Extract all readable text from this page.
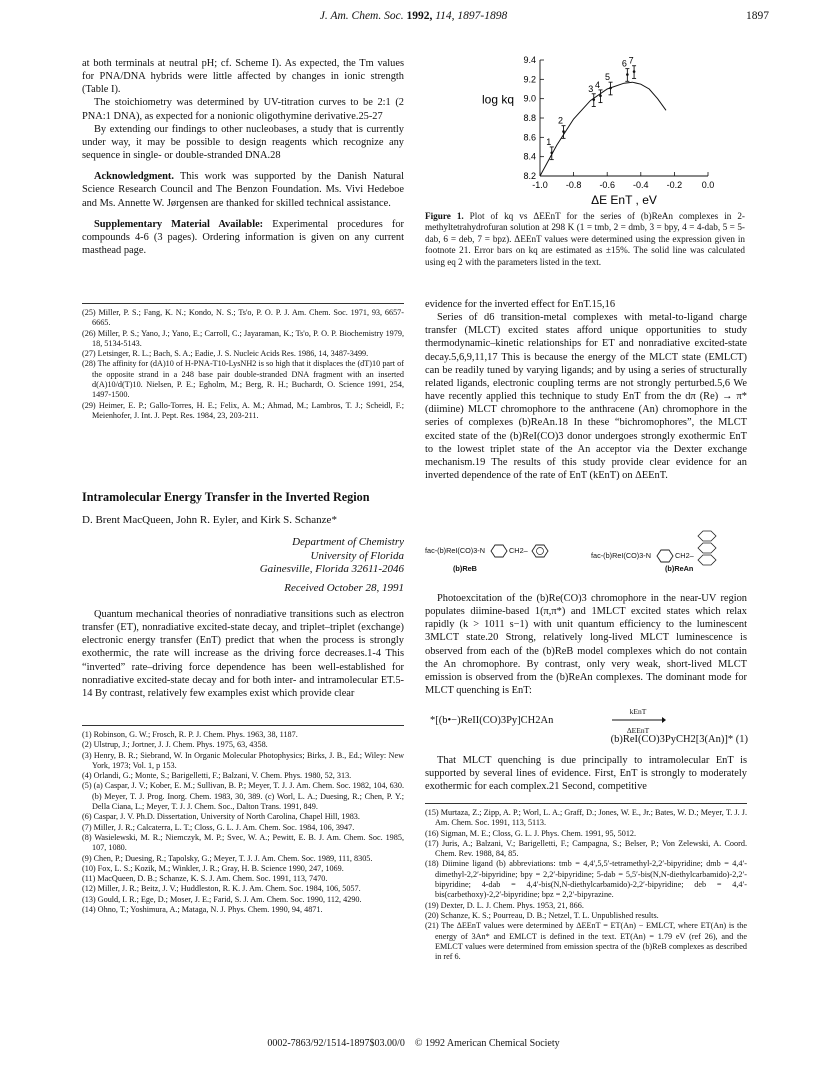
J. Am. Chem. Soc. 1992, 114, 1897-1898	1897

at both terminals at neutral pH; cf. Scheme I). As expected, the Tm values for PNA/DNA hybrids were little affected by changes in ionic strength (Table I).

The stoichiometry was determined by UV-titration curves to be 2:1 (2 PNA:1 DNA), as expected for a nonionic oligothymine derivative.25-27

By extending our findings to other nucleobases, a study that is currently under way, it may be possible to design reagents which recognize any sequence in single- or double-stranded DNA.28

Acknowledgment. This work was supported by the Danish Natural Science Research Council and The Benzon Foundation. Ms. Vivi Hedeboe and Ms. Annette W. Jørgensen are thanked for skilled technical assistance.

Supplementary Material Available: Experimental procedures for compounds 4-6 (3 pages). Ordering information is given on any current masthead page.

(25) Miller, P. S.; Fang, K. N.; Kondo, N. S.; Ts'o, P. O. P. J. Am. Chem. Soc. 1971, 93, 6657-6665.

(26) Miller, P. S.; Yano, J.; Yano, E.; Carroll, C.; Jayaraman, K.; Ts'o, P. O. P. Biochemistry 1979, 18, 5134-5143.

(27) Letsinger, R. L.; Bach, S. A.; Eadie, J. S. Nucleic Acids Res. 1986, 14, 3487-3499.

(28) The affinity for (dA)10 of H-PNA-T10-LysNH2 is so high that it displaces the (dT)10 part of the opposite strand in a 248 base pair double-stranded DNA fragment with an inserted d(A)10/d(T)10. Nielsen, P. E.; Egholm, M.; Berg, R. H.; Buchardt, O. Science 1991, 254, 1497-1500.

(29) Heimer, E. P.; Gallo-Torres, H. E.; Felix, A. M.; Ahmad, M.; Lambros, T. J.; Scheidl, F.; Meienhofer, J. Int. J. Pept. Res. 1984, 23, 203-211.

Intramolecular Energy Transfer in the Inverted Region
D. Brent MacQueen, John R. Eyler, and Kirk S. Schanze*
Department of Chemistry
University of Florida
Gainesville, Florida 32611-2046
Received October 28, 1991

Quantum mechanical theories of nonradiative transitions such as electron transfer (ET), nonradiative excited-state decay, and triplet–triplet (exchange) electronic energy transfer (EnT) predict that when the process is strongly exothermic, the rate will increase as the driving force decreases.1-4 This “inverted” rate–driving force dependence has been well-established for nonradiative excited-state decay and for both inter- and intramolecular ET.5-14 By contrast, relatively few examples exist which provide clear

(1) Robinson, G. W.; Frosch, R. P. J. Chem. Phys. 1963, 38, 1187.

(2) Ulstrup, J.; Jortner, J. J. Chem. Phys. 1975, 63, 4358.

(3) Henry, B. R.; Siebrand, W. In Organic Molecular Photophysics; Birks, J. B., Ed.; Wiley: New York, 1973; Vol. 1, p 153.

(4) Orlandi, G.; Monte, S.; Barigelletti, F.; Balzani, V. Chem. Phys. 1980, 52, 313.

(5) (a) Caspar, J. V.; Kober, E. M.; Sullivan, B. P.; Meyer, T. J. J. Am. Chem. Soc. 1982, 104, 630. (b) Meyer, T. J. Prog. Inorg. Chem. 1983, 30, 389. (c) Worl, L. A.; Duesing, R.; Chen, P. Y.; Della Ciana, L.; Meyer, T. J. J. Chem. Soc., Dalton Trans. 1991, 849.

(6) Caspar, J. V. Ph.D. Dissertation, University of North Carolina, Chapel Hill, 1983.

(7) Miller, J. R.; Calcaterra, L. T.; Closs, G. L. J. Am. Chem. Soc. 1984, 106, 3947.

(8) Wasielewski, M. R.; Niemczyk, M. P.; Svec, W. A.; Pewitt, E. B. J. Am. Chem. Soc. 1985, 107, 1080.

(9) Chen, P.; Duesing, R.; Tapolsky, G.; Meyer, T. J. J. Am. Chem. Soc. 1989, 111, 8305.

(10) Fox, L. S.; Kozik, M.; Winkler, J. R.; Gray, H. B. Science 1990, 247, 1069.

(11) MacQueen, D. B.; Schanze, K. S. J. Am. Chem. Soc. 1991, 113, 7470.

(12) Miller, J. R.; Beitz, J. V.; Huddleston, R. K. J. Am. Chem. Soc. 1984, 106, 5057.

(13) Gould, I. R.; Ege, D.; Moser, J. E.; Farid, S. J. Am. Chem. Soc. 1990, 112, 4290.

(14) Ohno, T.; Yoshimura, A.; Mataga, N. J. Phys. Chem. 1990, 94, 4871.

8.2
8.4
8.6
8.8
9.0
9.2
9.4
-1.0 -0.8 -0.6 -0.4 -0.2 0.0
log kq
ΔE EnT , eV
1
2
3 4
5
6 7
Figure 1. Plot of kq vs ΔEEnT for the series of (b)ReAn complexes in 2-methyltetrahydrofuran solution at 298 K (1 = tmb, 2 = dmb, 3 = bpy, 4 = 4-dab, 5 = 5-dab, 6 = deb, 7 = bpz). ΔEEnT values were determined using the expression given in footnote 21. Error bars on kq are estimated as ±15%. The solid line was calculated using eq 2 with the parameters listed in the text.

evidence for the inverted effect for EnT.15,16

Series of d6 transition-metal complexes with metal-to-ligand charge transfer (MLCT) excited states afford unique opportunities to study thermodynamic–kinetic relationships for ET and nonradiative excited-state decay.5,6,9,11,17 This is because the energy of the MLCT state (EMLCT) can be readily tuned by varying ligands; and by using a series of structurally related ligands, electronic coupling terms are not strongly perturbed.5,6 We have recently applied this technique to study EnT from the dπ (Re) → π* (diimine) MLCT chromophore to the anthracene (An) chromophore in the series of complexes (b)ReAn.18 In these “bichromophores”, the MLCT excited state of the (b)ReI(CO)3 donor undergoes strongly exothermic EnT to the lowest triplet state of the An acceptor via the Dexter exchange mechanism.19 The results of this study provide clear evidence for an inverted dependence of the rate of EnT (kEnT) on ΔEEnT.

fac-(b)ReI(CO)3-N	CH2–
(b)ReB
fac-(b)ReI(CO)3-N	CH2–
(b)ReAn

Photoexcitation of the (b)Re(CO)3 chromophore in the near-UV region populates diimine-based 1(π,π*) and 1MLCT excited states which relax rapidly (k > 1011 s−1) with unit quantum efficiency to the luminescent 3MLCT state.20 Strong, relatively long-lived MLCT luminescence is observed from each of the (b)ReB model complexes which do not contain the An chromophore. By contrast, only very weak, short-lived MLCT emission is observed from the (b)ReAn complexes. The dominant mode for MLCT quenching is EnT:

*[(b•−)ReII(CO)3Py]CH2An
kEnT
ΔEEnT
(b)ReI(CO)3PyCH2[3(An)]* (1)

That MLCT quenching is due principally to intramolecular EnT is supported by several lines of evidence. First, EnT is strongly to moderately exothermic for each complex.21 Second, competitive

(15) Murtaza, Z.; Zipp, A. P.; Worl, L. A.; Graff, D.; Jones, W. E., Jr.; Bates, W. D.; Meyer, T. J. J. Am. Chem. Soc. 1991, 113, 5113.

(16) Sigman, M. E.; Closs, G. L. J. Phys. Chem. 1991, 95, 5012.

(17) Juris, A.; Balzani, V.; Barigelletti, F.; Campagna, S.; Belser, P.; Von Zelewski, A. Coord. Chem. Rev. 1988, 84, 85.

(18) Diimine ligand (b) abbreviations: tmb = 4,4′,5,5′-tetramethyl-2,2′-bipyridine; dmb = 4,4′-dimethyl-2,2′-bipyridine; bpy = 2,2′-bipyridine; 5-dab = 5,5′-bis(N,N-diethylcarbamido)-2,2′-bipyridine; 4-dab = 4,4′-bis(N,N-diethylcarbamido)-2,2′-bipyridine; deb = 4,4′-bis(carbethoxy)-2,2′-bipyridine; bpz = 2,2′-bipyrazine.

(19) Dexter, D. L. J. Chem. Phys. 1953, 21, 866.

(20) Schanze, K. S.; Pourreau, D. B.; Netzel, T. L. Unpublished results.

(21) The ΔEEnT values were determined by ΔEEnT = ET(An) − EMLCT, where ET(An) is the energy of 3An* and EMLCT is defined in the text. ET(An) = 1.79 eV (ref 26), and the EMLCT values were determined from emission spectra of the (b)ReB complexes as described in ref 6.

0002-7863/92/1514-1897$03.00/0 © 1992 American Chemical Society
